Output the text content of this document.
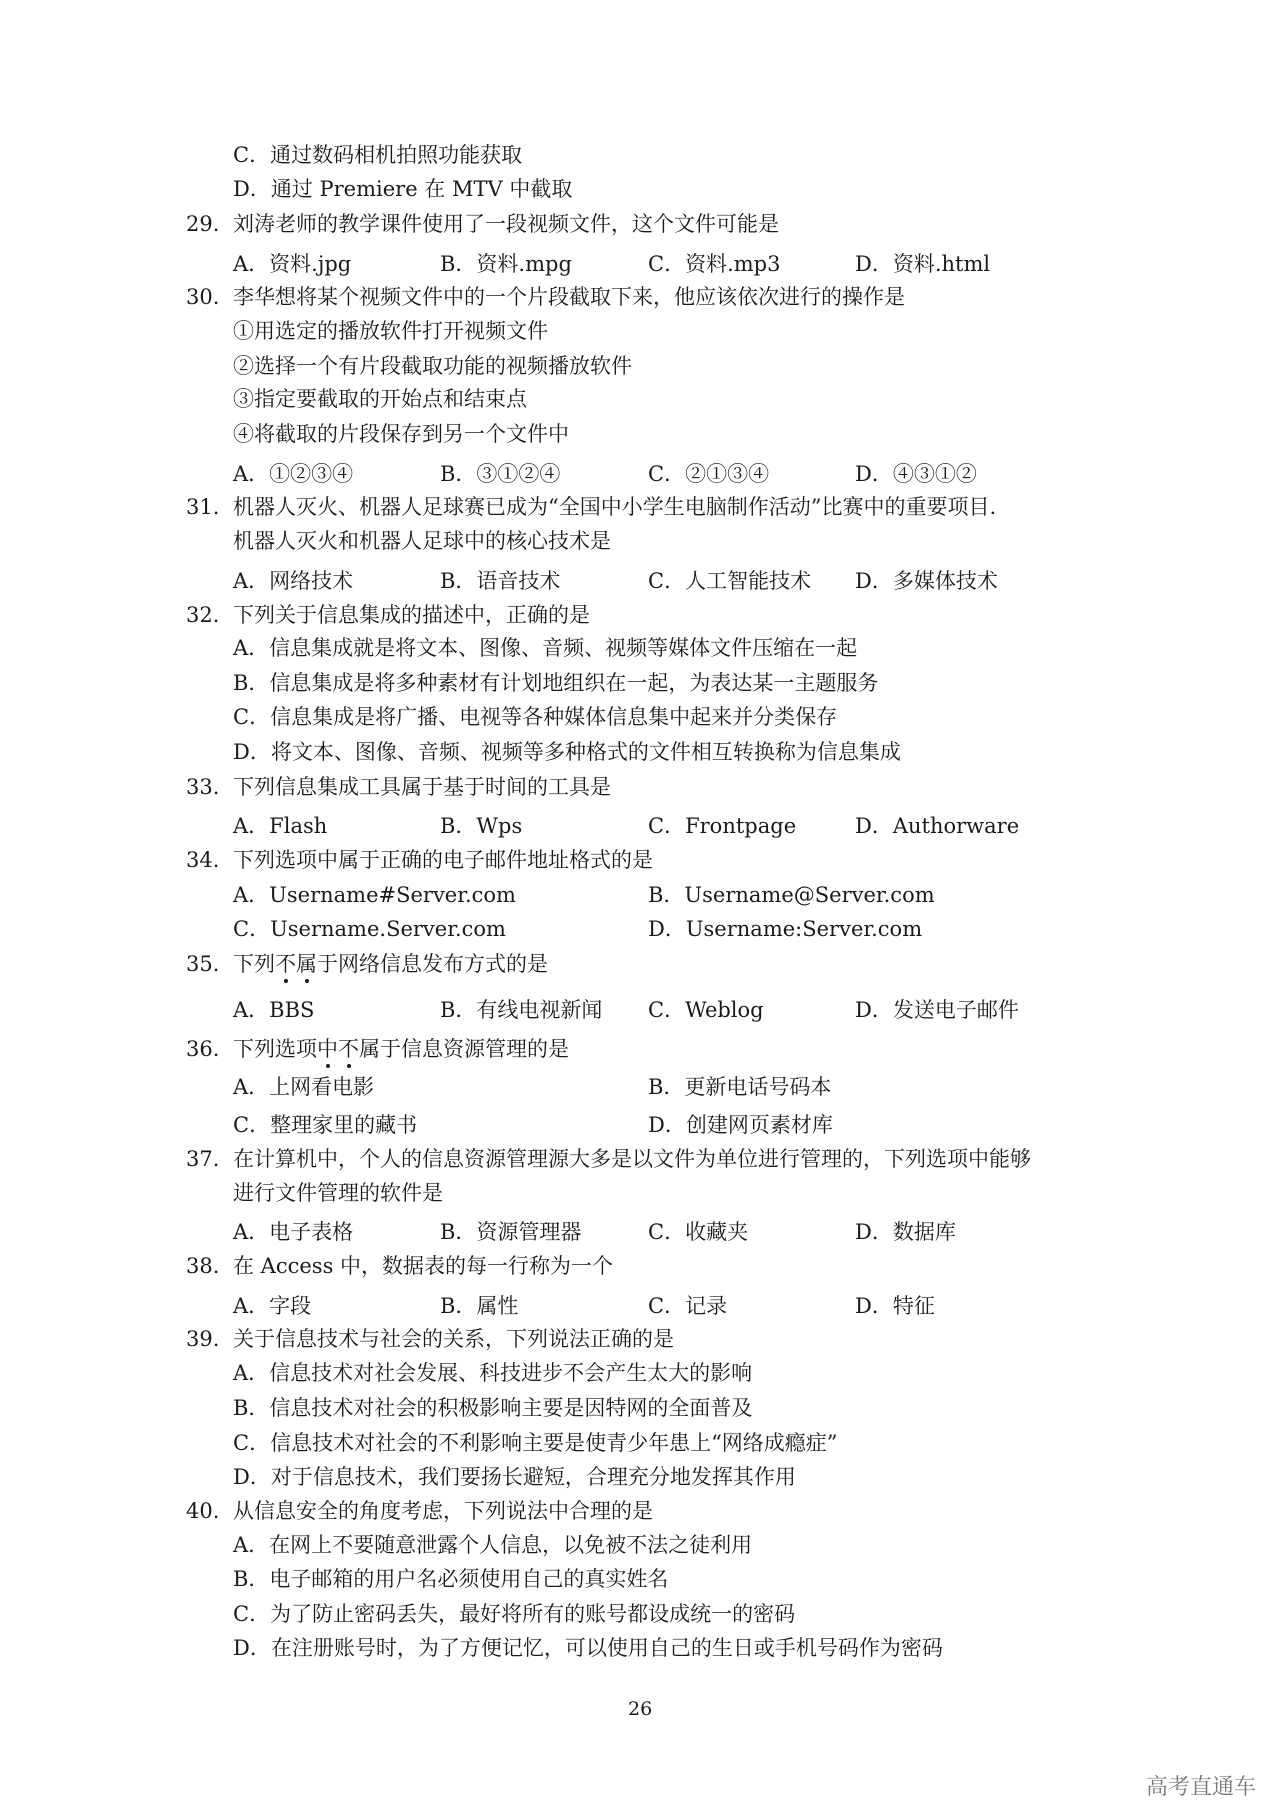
C．通过数码相机拍照功能获取
D．通过 Premiere 在 MTV 中截取
29. 刘涛老师的教学课件使用了一段视频文件，这个文件可能是
A．资料.jpg	B．资料.mpg	C．资料.mp3	D．资料.html
30. 李华想将某个视频文件中的一个片段截取下来，他应该依次进行的操作是
①用选定的播放软件打开视频文件
②选择一个有片段截取功能的视频播放软件
③指定要截取的开始点和结束点
④将截取的片段保存到另一个文件中
A．①②③④	B．③①②④	C．②①③④	D．④③①②
31. 机器人灭火、机器人足球赛已成为“全国中小学生电脑制作活动”比赛中的重要项目.
机器人灭火和机器人足球中的核心技术是
A．网络技术	B．语音技术	C．人工智能技术 D．多媒体技术
32. 下列关于信息集成的描述中，正确的是
A．信息集成就是将文本、图像、音频、视频等媒体文件压缩在一起
B．信息集成是将多种素材有计划地组织在一起，为表达某一主题服务
C．信息集成是将广播、电视等各种媒体信息集中起来并分类保存
D．将文本、图像、音频、视频等多种格式的文件相互转换称为信息集成
33. 下列信息集成工具属于基于时间的工具是
A．Flash	B．Wps	C．Frontpage	D．Authorware
34. 下列选项中属于正确的电子邮件地址格式的是
A．Username#Server.com	B．Username@Server.com
C．Username.Server.com	D．Username:Server.com
35. 下列不属于网络信息发布方式的是
A．BBS	B．有线电视新闻 C．Weblog	D．发送电子邮件
36. 下列选项中不属于信息资源管理的是
A．上网看电影	B．更新电话号码本
C．整理家里的藏书	D．创建网页素材库
37. 在计算机中，个人的信息资源管理源大多是以文件为单位进行管理的，下列选项中能够
进行文件管理的软件是
A．电子表格	B．资源管理器	C．收藏夹	D．数据库
38. 在 Access 中，数据表的每一行称为一个
A．字段	B．属性	C．记录	D．特征
39. 关于信息技术与社会的关系，下列说法正确的是
A．信息技术对社会发展、科技进步不会产生太大的影响
B．信息技术对社会的积极影响主要是因特网的全面普及
C．信息技术对社会的不利影响主要是使青少年患上“网络成瘾症”
D．对于信息技术，我们要扬长避短，合理充分地发挥其作用
40. 从信息安全的角度考虑，下列说法中合理的是
A．在网上不要随意泄露个人信息，以免被不法之徒利用
B．电子邮箱的用户名必须使用自己的真实姓名
C．为了防止密码丢失，最好将所有的账号都设成统一的密码
D．在注册账号时，为了方便记忆，可以使用自己的生日或手机号码作为密码
26
高考直通车
